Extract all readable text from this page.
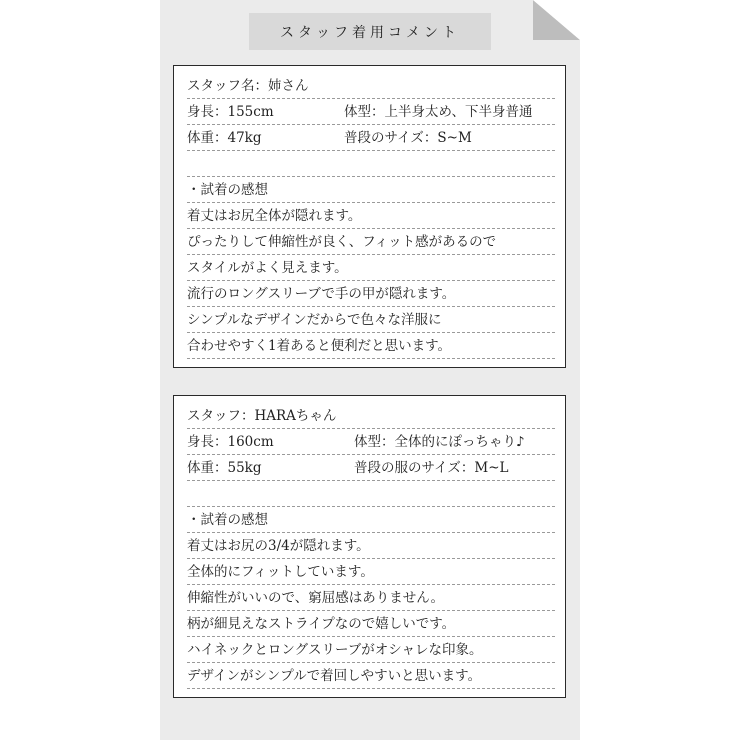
スタッフ着用コメント
スタッフ名：姉さん
身長：155cm	体型：上半身太め、下半身普通
体重：47kg	普段のサイズ：S~M
・試着の感想
着丈はお尻全体が隠れます。
ぴったりして伸縮性が良く、フィット感があるので
スタイルがよく見えます。
流行のロングスリーブで手の甲が隠れます。
シンプルなデザインだからで色々な洋服に
合わせやすく1着あると便利だと思います。
スタッフ：HARAちゃん
身長：160cm	体型：全体的にぽっちゃり♪
体重：55kg	普段の服のサイズ：M~L
・試着の感想
着丈はお尻の3/4が隠れます。
全体的にフィットしています。
伸縮性がいいので、窮屈感はありません。
柄が細見えなストライプなので嬉しいです。
ハイネックとロングスリーブがオシャレな印象。
デザインがシンプルで着回しやすいと思います。
